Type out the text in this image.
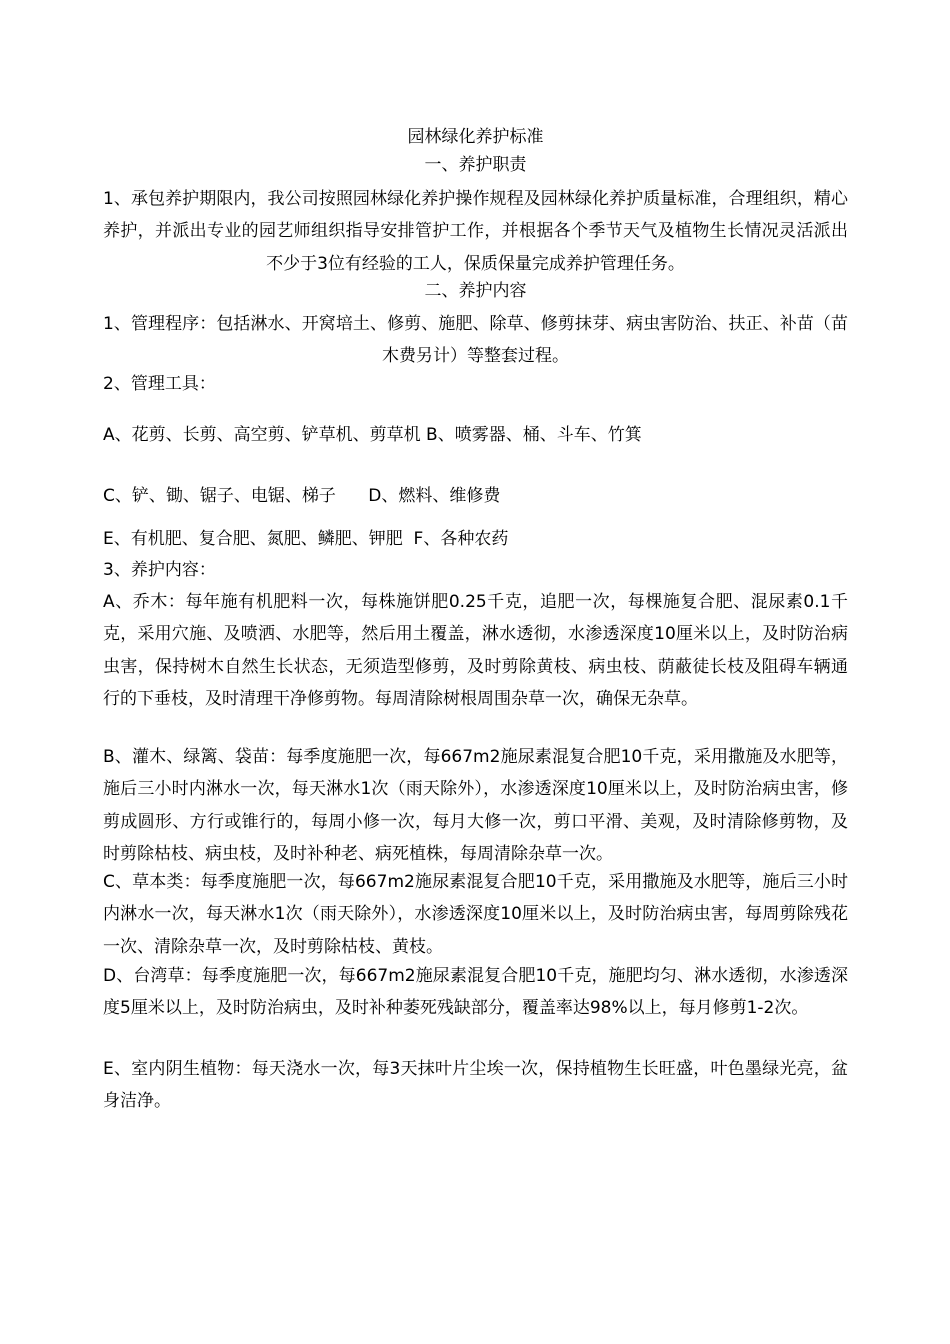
园林绿化养护标准
一、养护职责
1、承包养护期限内，我公司按照园林绿化养护操作规程及园林绿化养护质量标准，合理组织，精心养护，并派出专业的园艺师组织指导安排管护工作，并根据各个季节天气及植物生长情况灵活派出不少于3位有经验的工人，保质保量完成养护管理任务。
二、养护内容
1、管理程序：包括淋水、开窝培土、修剪、施肥、除草、修剪抹芽、病虫害防治、扶正、补苗（苗木费另计）等整套过程。
2、管理工具：
A、花剪、长剪、高空剪、铲草机、剪草机 B、喷雾器、桶、斗车、竹箕
C、铲、锄、锯子、电锯、梯子      D、燃料、维修费
E、有机肥、复合肥、氮肥、鳞肥、钾肥  F、各种农药
3、养护内容：
A、乔木：每年施有机肥料一次，每株施饼肥0.25千克，追肥一次，每棵施复合肥、混尿素0.1千克，采用穴施、及喷洒、水肥等，然后用土覆盖，淋水透彻，水渗透深度10厘米以上，及时防治病虫害，保持树木自然生长状态，无须造型修剪，及时剪除黄枝、病虫枝、荫蔽徒长枝及阻碍车辆通行的下垂枝，及时清理干净修剪物。每周清除树根周围杂草一次，确保无杂草。
B、灌木、绿篱、袋苗：每季度施肥一次，每667m2施尿素混复合肥10千克，采用撒施及水肥等，施后三小时内淋水一次，每天淋水1次（雨天除外），水渗透深度10厘米以上，及时防治病虫害，修剪成圆形、方行或锥行的，每周小修一次，每月大修一次，剪口平滑、美观，及时清除修剪物，及时剪除枯枝、病虫枝，及时补种老、病死植株，每周清除杂草一次。
C、草本类：每季度施肥一次，每667m2施尿素混复合肥10千克，采用撒施及水肥等，施后三小时内淋水一次，每天淋水1次（雨天除外），水渗透深度10厘米以上，及时防治病虫害，每周剪除残花一次、清除杂草一次，及时剪除枯枝、黄枝。
D、台湾草：每季度施肥一次，每667m2施尿素混复合肥10千克，施肥均匀、淋水透彻，水渗透深度5厘米以上，及时防治病虫，及时补种萎死残缺部分，覆盖率达98%以上，每月修剪1-2次。
E、室内阴生植物：每天浇水一次，每3天抹叶片尘埃一次，保持植物生长旺盛，叶色墨绿光亮，盆身洁净。
